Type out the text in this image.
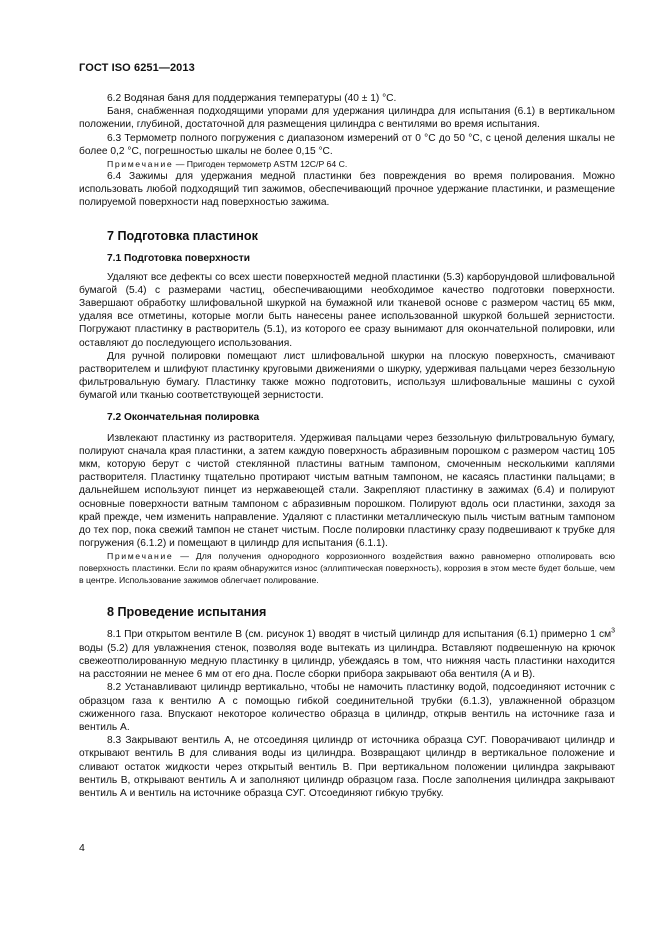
ГОСТ ISO 6251—2013

6.2 Водяная баня для поддержания температуры (40 ± 1) °С.

Баня, снабженная подходящими упорами для удержания цилиндра для испытания (6.1) в вертикальном положении, глубиной, достаточной для размещения цилиндра с вентилями во время испытания.

6.3 Термометр полного погружения с диапазоном измерений от 0 °С до 50 °С, с ценой деления шкалы не более 0,2 °С, погрешностью шкалы не более 0,15 °С.

Примечание — Пригоден термометр ASTM 12C/P 64 С.

6.4 Зажимы для удержания медной пластинки без повреждения во время полирования. Можно использовать любой подходящий тип зажимов, обеспечивающий прочное удержание пластинки, и размещение полируемой поверхности над поверхностью зажима.

7 Подготовка пластинок
7.1 Подготовка поверхности

Удаляют все дефекты со всех шести поверхностей медной пластинки (5.3) карборундовой шлифовальной бумагой (5.4) с размерами частиц, обеспечивающими необходимое качество подготовки поверхности. Завершают обработку шлифовальной шкуркой на бумажной или тканевой основе с размером частиц 65 мкм, удаляя все отметины, которые могли быть нанесены ранее использованной шкуркой большей зернистости. Погружают пластинку в растворитель (5.1), из которого ее сразу вынимают для окончательной полировки, или оставляют до последующего использования.

Для ручной полировки помещают лист шлифовальной шкурки на плоскую поверхность, смачивают растворителем и шлифуют пластинку круговыми движениями о шкурку, удерживая пальцами через беззольную фильтровальную бумагу. Пластинку также можно подготовить, используя шлифовальные машины с сухой бумагой или тканью соответствующей зернистости.

7.2 Окончательная полировка

Извлекают пластинку из растворителя. Удерживая пальцами через беззольную фильтровальную бумагу, полируют сначала края пластинки, а затем каждую поверхность абразивным порошком с размером частиц 105 мкм, которую берут с чистой стеклянной пластины ватным тампоном, смоченным несколькими каплями растворителя. Пластинку тщательно протирают чистым ватным тампоном, не касаясь пластинки пальцами; в дальнейшем используют пинцет из нержавеющей стали. Закрепляют пластинку в зажимах (6.4) и полируют основные поверхности ватным тампоном с абразивным порошком. Полируют вдоль оси пластинки, заходя за край прежде, чем изменить направление. Удаляют с пластинки металлическую пыль чистым ватным тампоном до тех пор, пока свежий тампон не станет чистым. После полировки пластинку сразу подвешивают к трубке для погружения (6.1.2) и помещают в цилиндр для испытания (6.1.1).

Примечание — Для получения однородного коррозионного воздействия важно равномерно отполировать всю поверхность пластинки. Если по краям обнаружится износ (эллиптическая поверхность), коррозия в этом месте будет больше, чем в центре. Использование зажимов облегчает полирование.

8 Проведение испытания

8.1 При открытом вентиле В (см. рисунок 1) вводят в чистый цилиндр для испытания (6.1) примерно 1 $см^3$ воды (5.2) для увлажнения стенок, позволяя воде вытекать из цилиндра. Вставляют подвешенную на крючок свежеотполированную медную пластинку в цилиндр, убеждаясь в том, что нижняя часть пластинки находится на расстоянии не менее 6 мм от его дна. После сборки прибора закрывают оба вентиля (А и В).

8.2 Устанавливают цилиндр вертикально, чтобы не намочить пластинку водой, подсоединяют источник с образцом газа к вентилю А с помощью гибкой соединительной трубки (6.1.3), увлажненной образцом сжиженного газа. Впускают некоторое количество образца в цилиндр, открыв вентиль на источнике газа и вентиль А.

8.3 Закрывают вентиль А, не отсоединяя цилиндр от источника образца СУГ. Поворачивают цилиндр и открывают вентиль В для сливания воды из цилиндра. Возвращают цилиндр в вертикальное положение и сливают остаток жидкости через открытый вентиль В. При вертикальном положении цилиндра закрывают вентиль В, открывают вентиль А и заполняют цилиндр образцом газа. После заполнения цилиндра закрывают вентиль А и вентиль на источнике образца СУГ. Отсоединяют гибкую трубку.

4
